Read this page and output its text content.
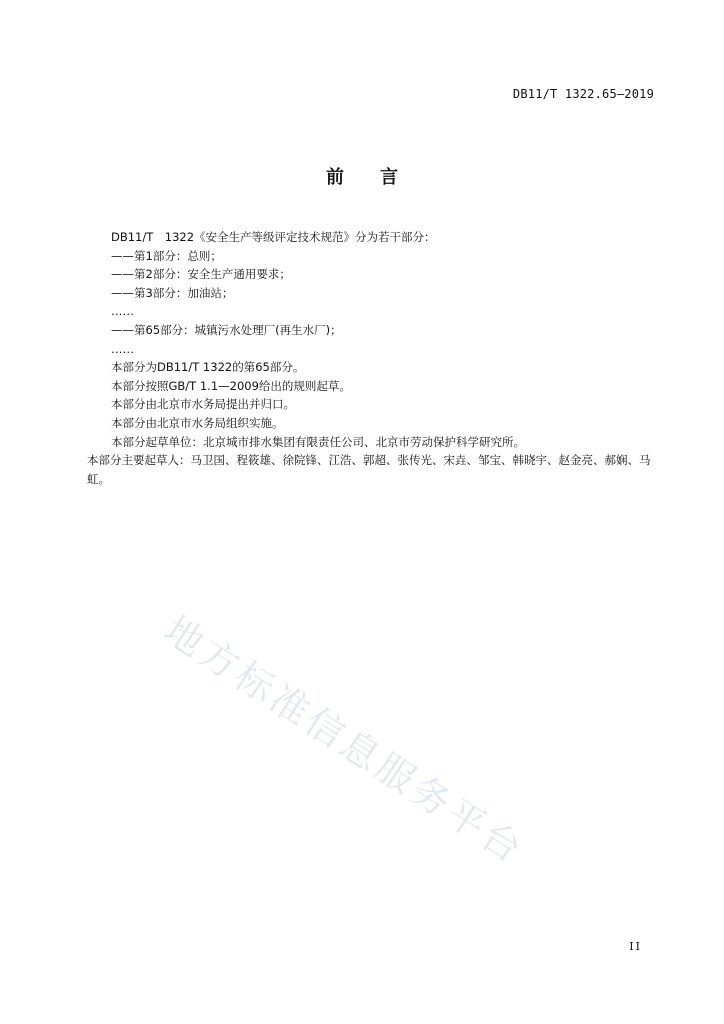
DB11/T 1322.65—2019
前言
DB11/T　1322《安全生产等级评定技术规范》分为若干部分：
——第1部分：总则；
——第2部分：安全生产通用要求；
——第3部分：加油站；
……
——第65部分：城镇污水处理厂(再生水厂)；
……
本部分为DB11/T 1322的第65部分。
本部分按照GB/T 1.1—2009给出的规则起草。
本部分由北京市水务局提出并归口。
本部分由北京市水务局组织实施。
本部分起草单位：北京城市排水集团有限责任公司、北京市劳动保护科学研究所。
本部分主要起草人：马卫国、程筱雄、徐院锋、江浩、郭超、张传光、宋垚、邹宝、韩晓宇、赵金亮、郝娴、马虹。
地方标准信息服务平台
II
